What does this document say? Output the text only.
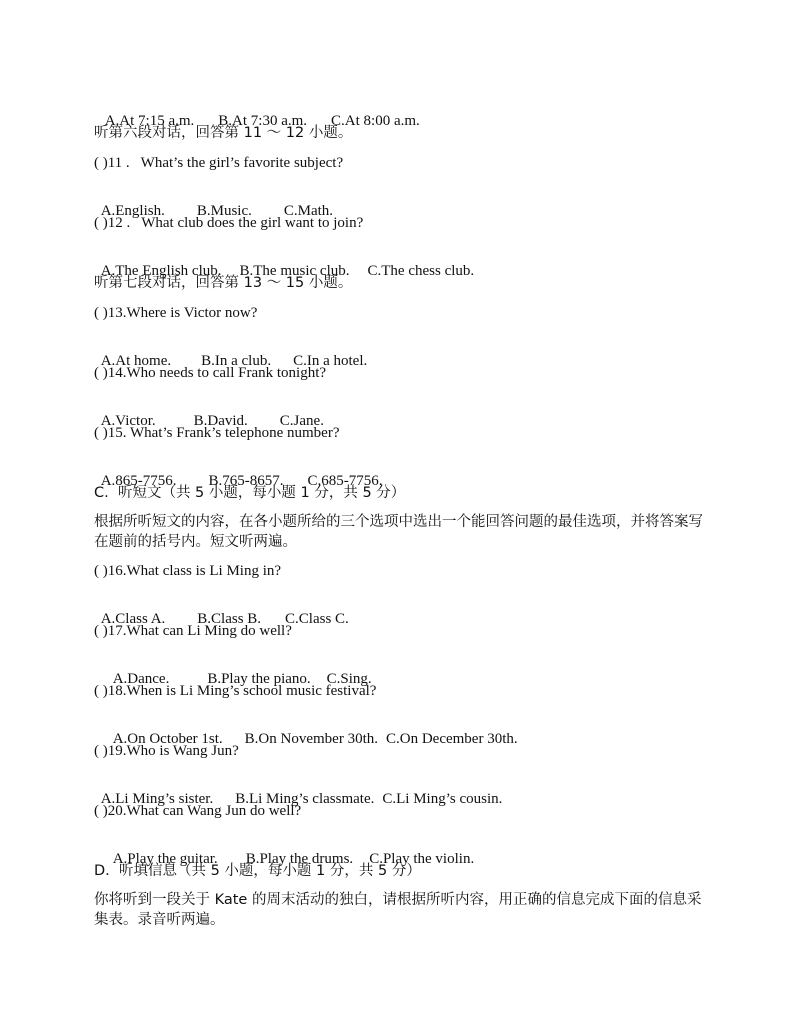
A.At 7:15 a.m. B.At 7:30 a.m. C.At 8:00 a.m.

听第六段对话，回答第 11 ～ 12 小题。
( )11 .   What’s the girl’s favorite subject?

A.English. B.Music. C.Math.

( )12 .   What club does the girl want to join?

A.The English club. B.The music club. C.The chess club.

听第七段对话，回答第 13 ～ 15 小题。
( )13.Where is Victor now?

A.At home. B.In a club. C.In a hotel.

( )14.Who needs to call Frank tonight?

A.Victor.	B.David. C.Jane.

( )15. What’s Frank’s telephone number?

A.865-7756. B.765-8657. C.685-7756.

C.  听短文（共 5 小题，每小题 1 分，共 5 分）
根据所听短文的内容，在各小题所给的三个选项中选出一个能回答问题的最佳选项，并将答案写在题前的括号内。短文听两遍。
( )16.What class is Li Ming in?

A.Class A. B.Class B. C.Class C.

( )17.What can Li Ming do well?

A.Dance.	B.Play the piano. C.Sing.

( )18.When is Li Ming’s school music festival?

A.On October 1st. B.On November 30th. C.On December 30th.

( )19.Who is Wang Jun?

A.Li Ming’s sister. B.Li Ming’s classmate. C.Li Ming’s cousin.

( )20.What can Wang Jun do well?

A.Play the guitar. B.Play the drums. C.Play the violin.

D.  听填信息（共 5 小题，每小题 1 分，共 5 分）
你将听到一段关于 Kate 的周末活动的独白，请根据所听内容，用正确的信息完成下面的信息采集表。录音听两遍。
